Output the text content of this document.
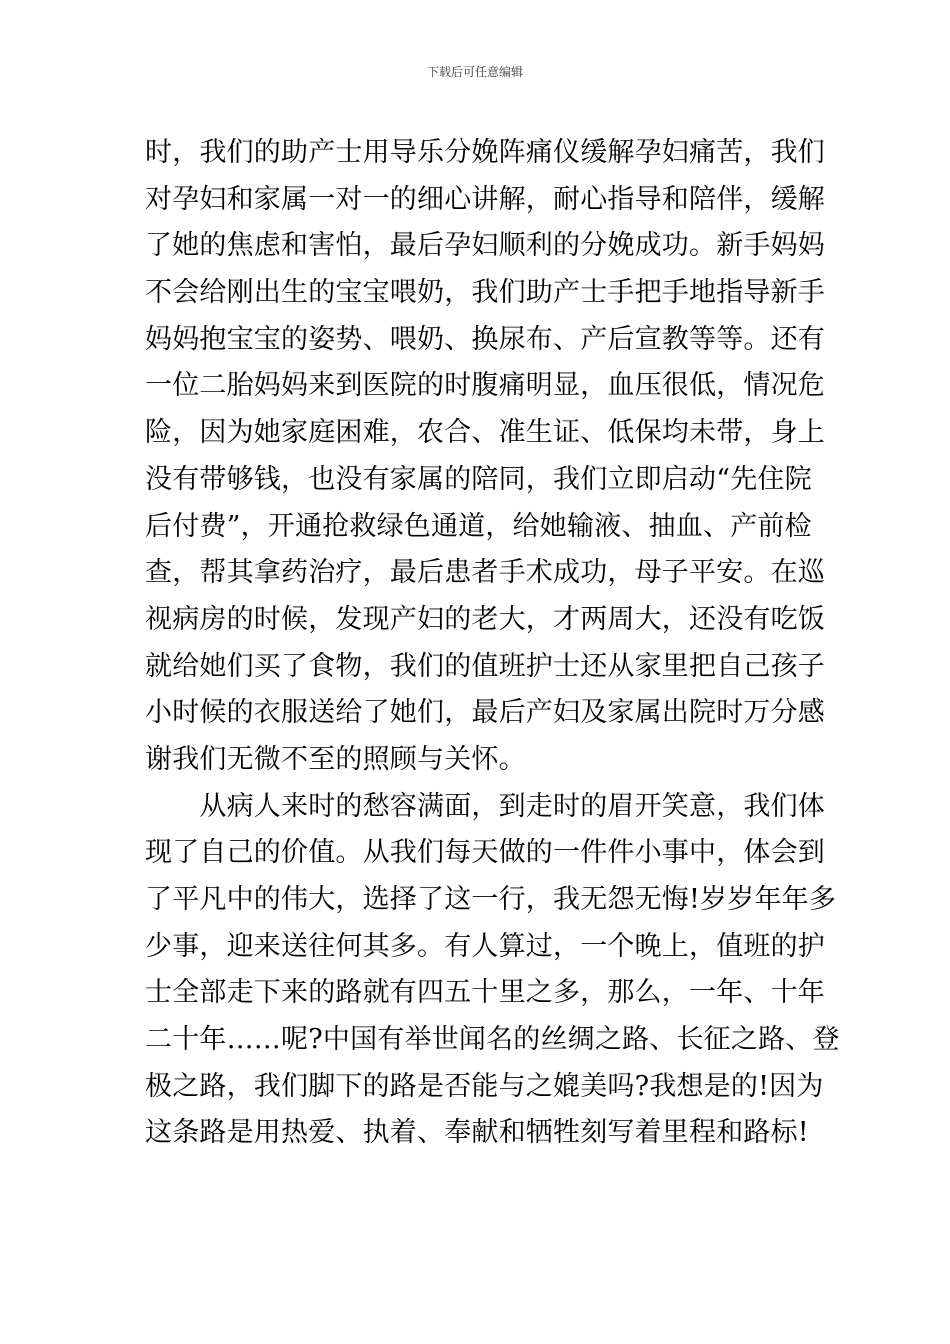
下载后可任意编辑
时，我们的助产士用导乐分娩阵痛仪缓解孕妇痛苦，我们
对孕妇和家属一对一的细心讲解，耐心指导和陪伴，缓解
了她的焦虑和害怕，最后孕妇顺利的分娩成功。新手妈妈
不会给刚出生的宝宝喂奶，我们助产士手把手地指导新手
妈妈抱宝宝的姿势、喂奶、换尿布、产后宣教等等。还有
一位二胎妈妈来到医院的时腹痛明显，血压很低，情况危
险，因为她家庭困难，农合、准生证、低保均未带，身上
没有带够钱，也没有家属的陪同，我们立即启动“先住院
后付费”，开通抢救绿色通道，给她输液、抽血、产前检
查，帮其拿药治疗，最后患者手术成功，母子平安。在巡
视病房的时候，发现产妇的老大，才两周大，还没有吃饭
就给她们买了食物，我们的值班护士还从家里把自己孩子
小时候的衣服送给了她们，最后产妇及家属出院时万分感
谢我们无微不至的照顾与关怀。
　　从病人来时的愁容满面，到走时的眉开笑意，我们体
现了自己的价值。从我们每天做的一件件小事中，体会到
了平凡中的伟大，选择了这一行，我无怨无悔!岁岁年年多
少事，迎来送往何其多。有人算过，一个晚上，值班的护
士全部走下来的路就有四五十里之多，那么，一年、十年
二十年……呢?中国有举世闻名的丝绸之路、长征之路、登
极之路，我们脚下的路是否能与之媲美吗?我想是的!因为
这条路是用热爱、执着、奉献和牺牲刻写着里程和路标!
